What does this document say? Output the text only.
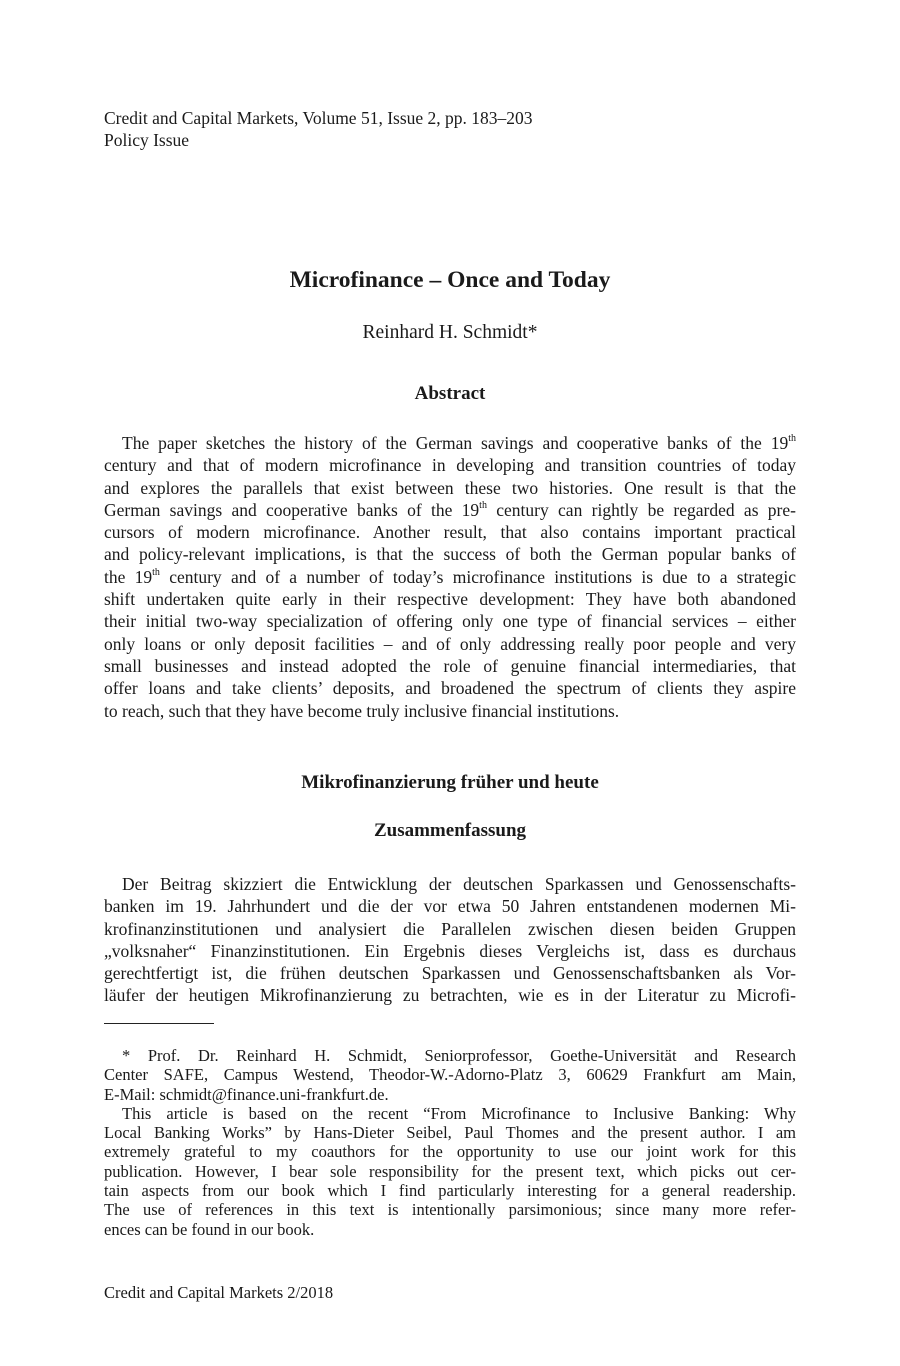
Credit and Capital Markets, Volume 51, Issue 2, pp. 183–203
Policy Issue
Microfinance – Once and Today
Reinhard H. Schmidt*
Abstract
The paper sketches the history of the German savings and cooperative banks of the 19th
century and that of modern microfinance in developing and transition countries of today
and explores the parallels that exist between these two histories. One result is that the
German savings and cooperative banks of the 19th century can rightly be regarded as pre-
cursors of modern microfinance. Another result, that also contains important practical
and policy-relevant implications, is that the success of both the German popular banks of
the 19th century and of a number of today’s microfinance institutions is due to a strategic
shift undertaken quite early in their respective development: They have both abandoned
their initial two-way specialization of offering only one type of financial services – either
only loans or only deposit facilities – and of only addressing really poor people and very
small businesses and instead adopted the role of genuine financial intermediaries, that
offer loans and take clients’ deposits, and broadened the spectrum of clients they aspire
to reach, such that they have become truly inclusive financial institutions.
Mikrofinanzierung früher und heute
Zusammenfassung
Der Beitrag skizziert die Entwicklung der deutschen Sparkassen und Genossenschafts-
banken im 19. Jahrhundert und die der vor etwa 50 Jahren entstandenen modernen Mi-
krofinanzinstitutionen und analysiert die Parallelen zwischen diesen beiden Gruppen
„volksnaher“ Finanzinstitutionen. Ein Ergebnis dieses Vergleichs ist, dass es durchaus
gerechtfertigt ist, die frühen deutschen Sparkassen und Genossenschaftsbanken als Vor-
läufer der heutigen Mikrofinanzierung zu betrachten, wie es in der Literatur zu Microfi-
* Prof. Dr. Reinhard H. Schmidt, Seniorprofessor, Goethe-Universität and Research
Center SAFE, Campus Westend, Theodor-W.-Adorno-Platz 3, 60629 Frankfurt am Main,
E-Mail: schmidt@finance.uni-frankfurt.de.
This article is based on the recent “From Microfinance to Inclusive Banking: Why
Local Banking Works” by Hans-Dieter Seibel, Paul Thomes and the present author. I am
extremely grateful to my coauthors for the opportunity to use our joint work for this
publication. However, I bear sole responsibility for the present text, which picks out cer-
tain aspects from our book which I find particularly interesting for a general readership.
The use of references in this text is intentionally parsimonious; since many more refer-
ences can be found in our book.
Credit and Capital Markets 2/2018
